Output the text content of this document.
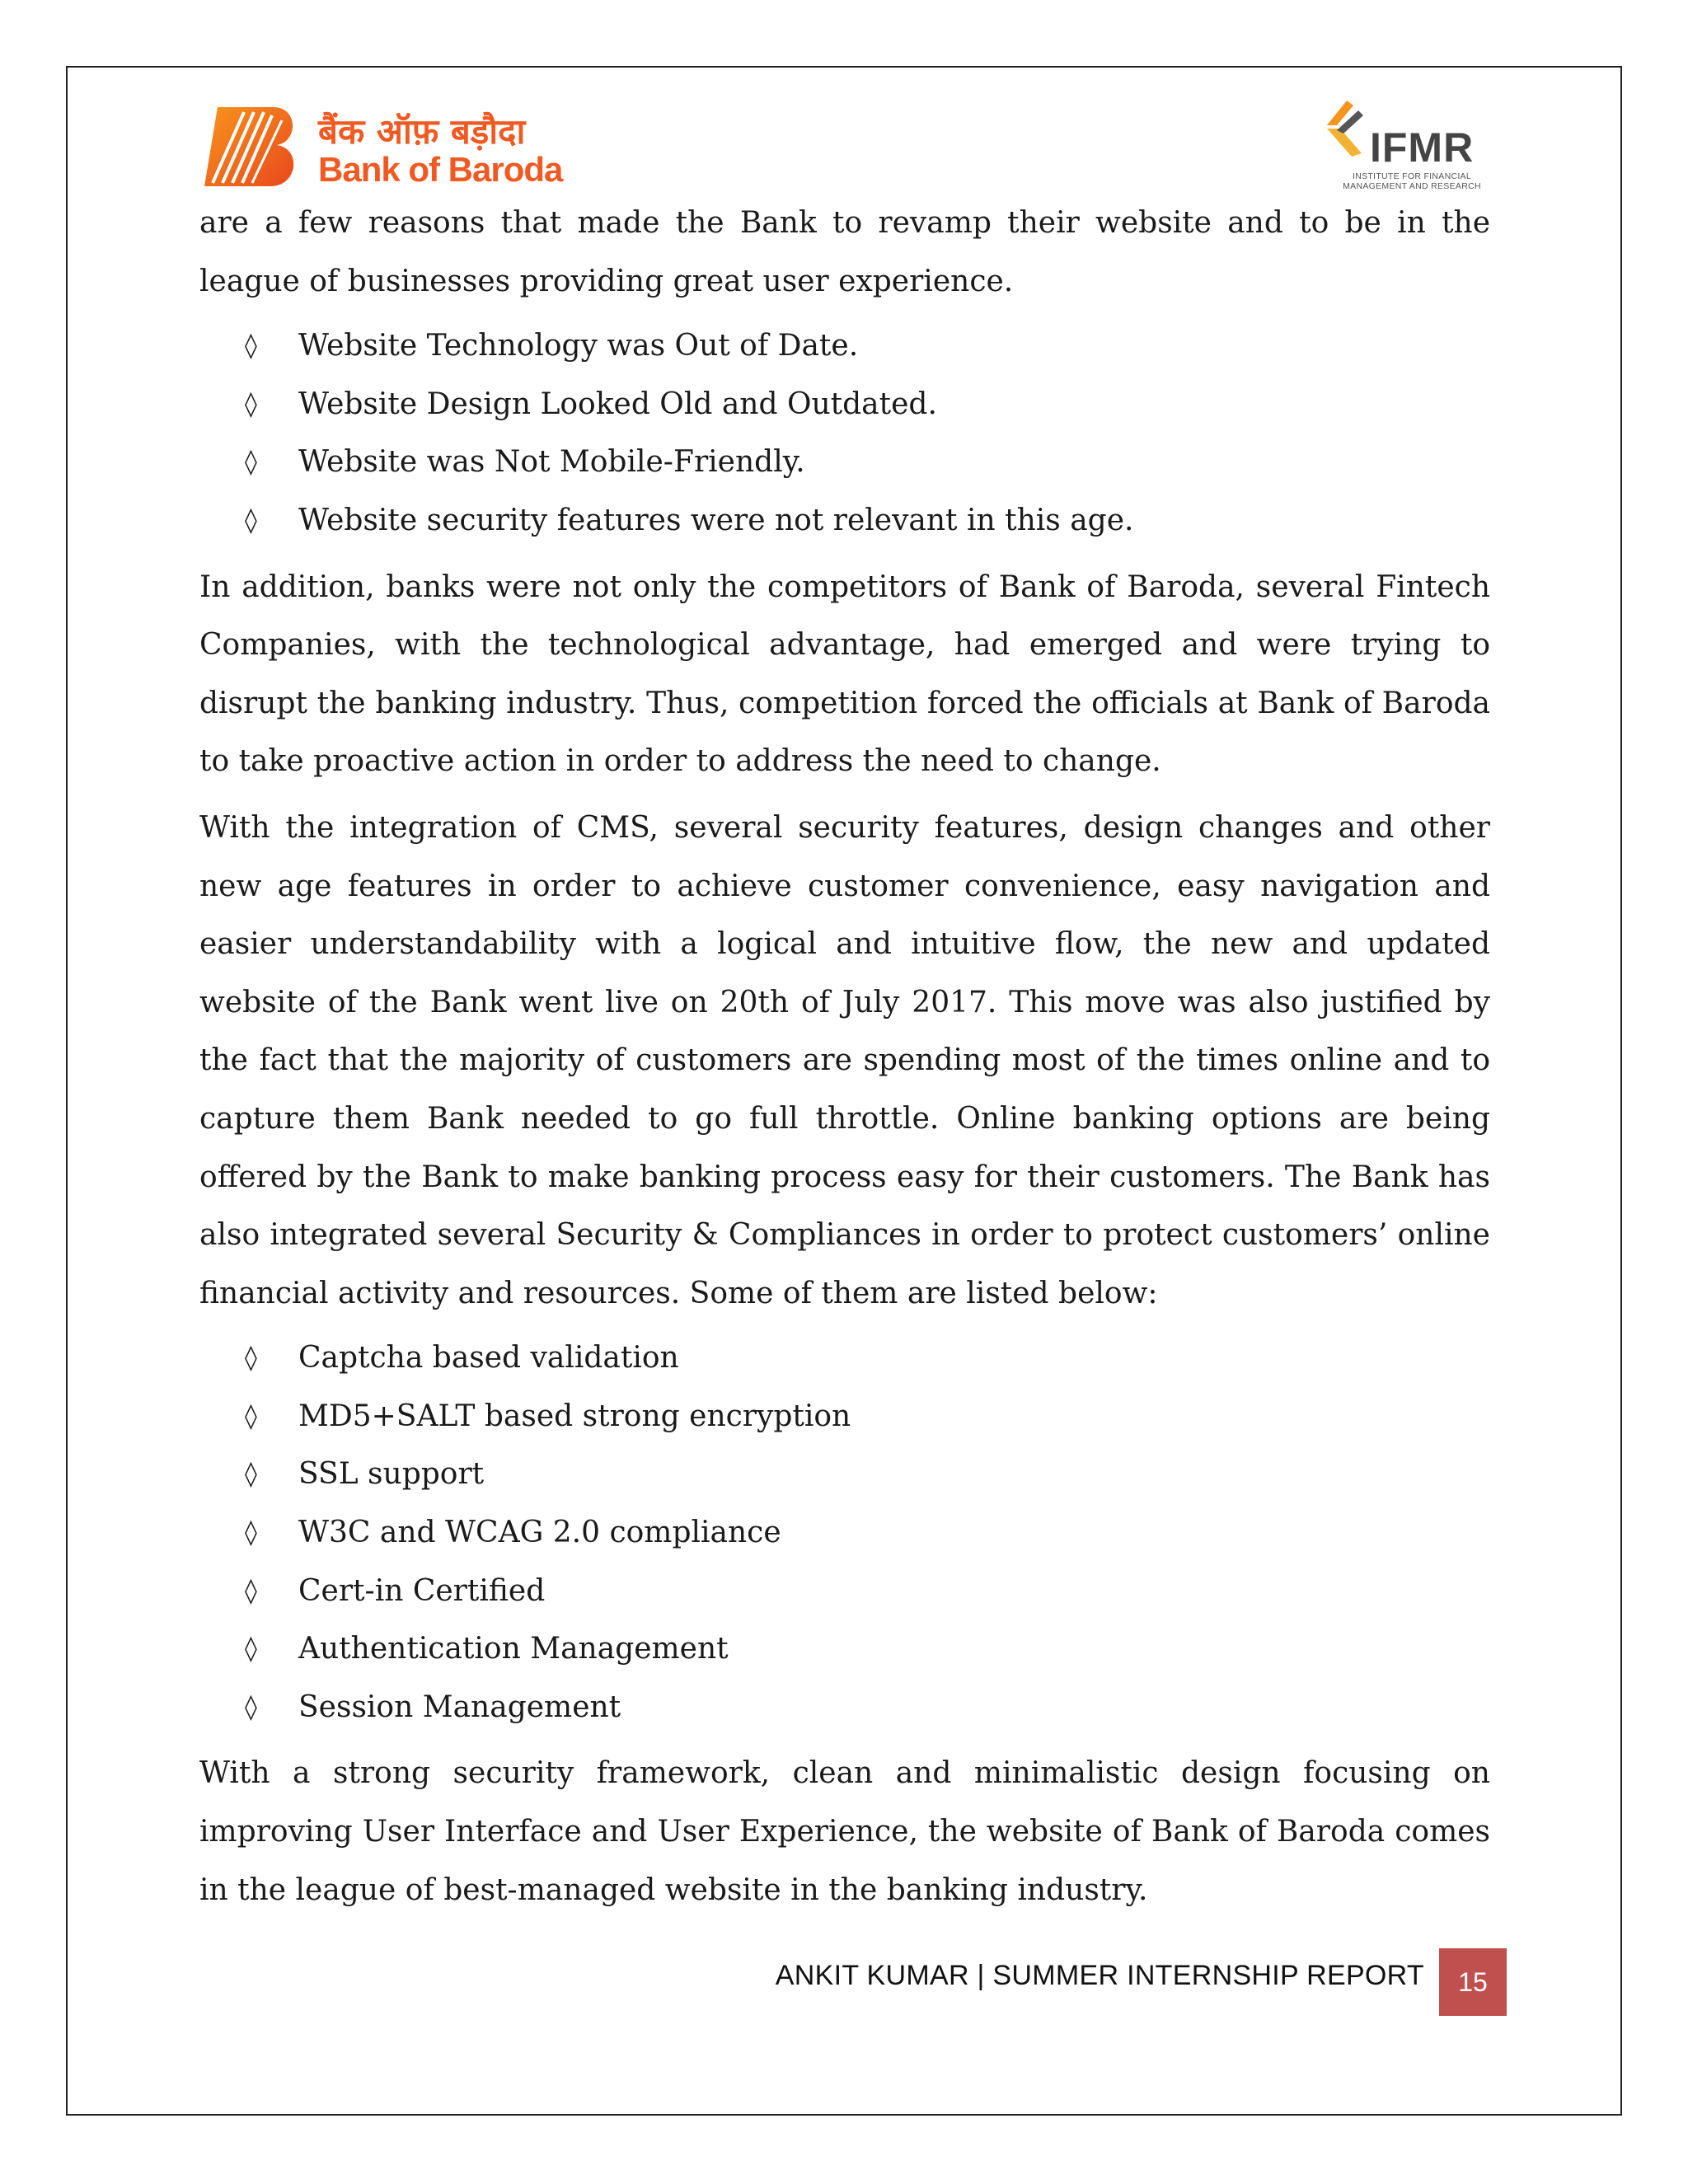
बैंक ऑफ़ बड़ौदा
Bank of Baroda	IFMR
INSTITUTE FOR FINANCIAL
MANAGEMENT AND RESEARCH

are a few reasons that made the Bank to revamp their website and to be in the league of businesses providing great user experience.

◊ Website Technology was Out of Date.
◊ Website Design Looked Old and Outdated.
◊ Website was Not Mobile-Friendly.
◊ Website security features were not relevant in this age.

In addition, banks were not only the competitors of Bank of Baroda, several Fintech Companies, with the technological advantage, had emerged and were trying to disrupt the banking industry. Thus, competition forced the officials at Bank of Baroda to take proactive action in order to address the need to change.

With the integration of CMS, several security features, design changes and other new age features in order to achieve customer convenience, easy navigation and easier understandability with a logical and intuitive flow, the new and updated website of the Bank went live on 20th of July 2017. This move was also justified by the fact that the majority of customers are spending most of the times online and to capture them Bank needed to go full throttle. Online banking options are being offered by the Bank to make banking process easy for their customers. The Bank has also integrated several Security & Compliances in order to protect customers’ online financial activity and resources. Some of them are listed below:

◊ Captcha based validation
◊ MD5+SALT based strong encryption
◊ SSL support
◊ W3C and WCAG 2.0 compliance
◊ Cert-in Certified
◊ Authentication Management
◊ Session Management

With a strong security framework, clean and minimalistic design focusing on improving User Interface and User Experience, the website of Bank of Baroda comes in the league of best-managed website in the banking industry.

ANKIT KUMAR | SUMMER INTERNSHIP REPORT	15
